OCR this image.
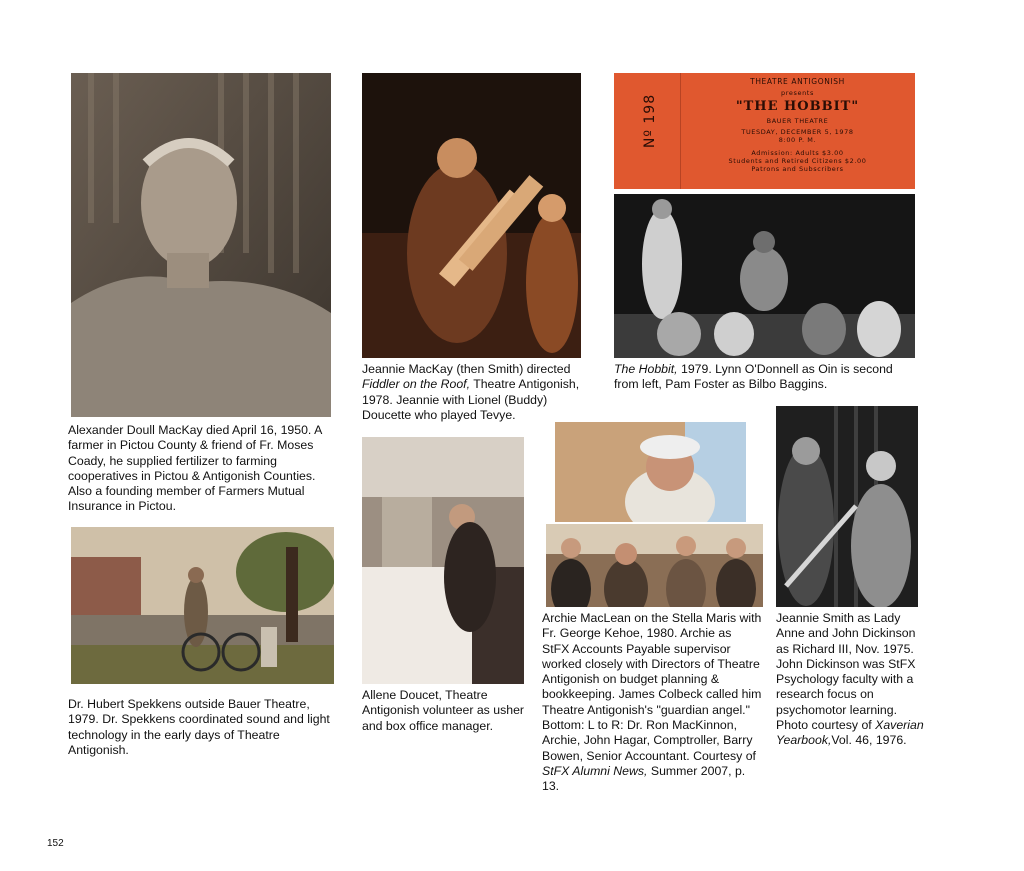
Alexander Doull MacKay died April 16, 1950. A farmer in Pictou County & friend of Fr. Moses Coady, he supplied fertilizer to farming cooperatives in Pictou & Antigonish Counties. Also a founding member of Farmers Mutual Insurance in Pictou.

Jeannie MacKay (then Smith) directed Fiddler on the Roof, Theatre Antigonish, 1978. Jeannie with Lionel (Buddy) Doucette who played Tevye.

Nº 198
THEATRE ANTIGONISH
presents
"THE HOBBIT"
BAUER THEATRE
TUESDAY, DECEMBER 5, 1978
8:00 P. M.
Admission: Adults $3.00
Students and Retired Citizens $2.00
Patrons and Subscribers

The Hobbit, 1979. Lynn O'Donnell as Oin is second from left, Pam Foster as Bilbo Baggins.

Dr. Hubert Spekkens outside Bauer Theatre, 1979. Dr. Spekkens coordinated sound and light technology in the early days of Theatre Antigonish.

Allene Doucet, Theatre Antigonish volunteer as usher and box office manager.

Archie MacLean on the Stella Maris with Fr. George Kehoe, 1980. Archie as StFX Accounts Payable supervisor worked closely with Directors of Theatre Antigonish on budget planning & bookkeeping. James Colbeck called him Theatre Antigonish's "guardian angel." Bottom: L to R: Dr. Ron MacKinnon, Archie, John Hagar, Comptroller, Barry Bowen, Senior Accountant. Courtesy of StFX Alumni News, Summer 2007, p. 13.

Jeannie Smith as Lady Anne and John Dickinson as Richard III, Nov. 1975. John Dickinson was StFX Psychology faculty with a research focus on psychomotor learning. Photo courtesy of Xaverian Yearbook,Vol. 46, 1976.

152
